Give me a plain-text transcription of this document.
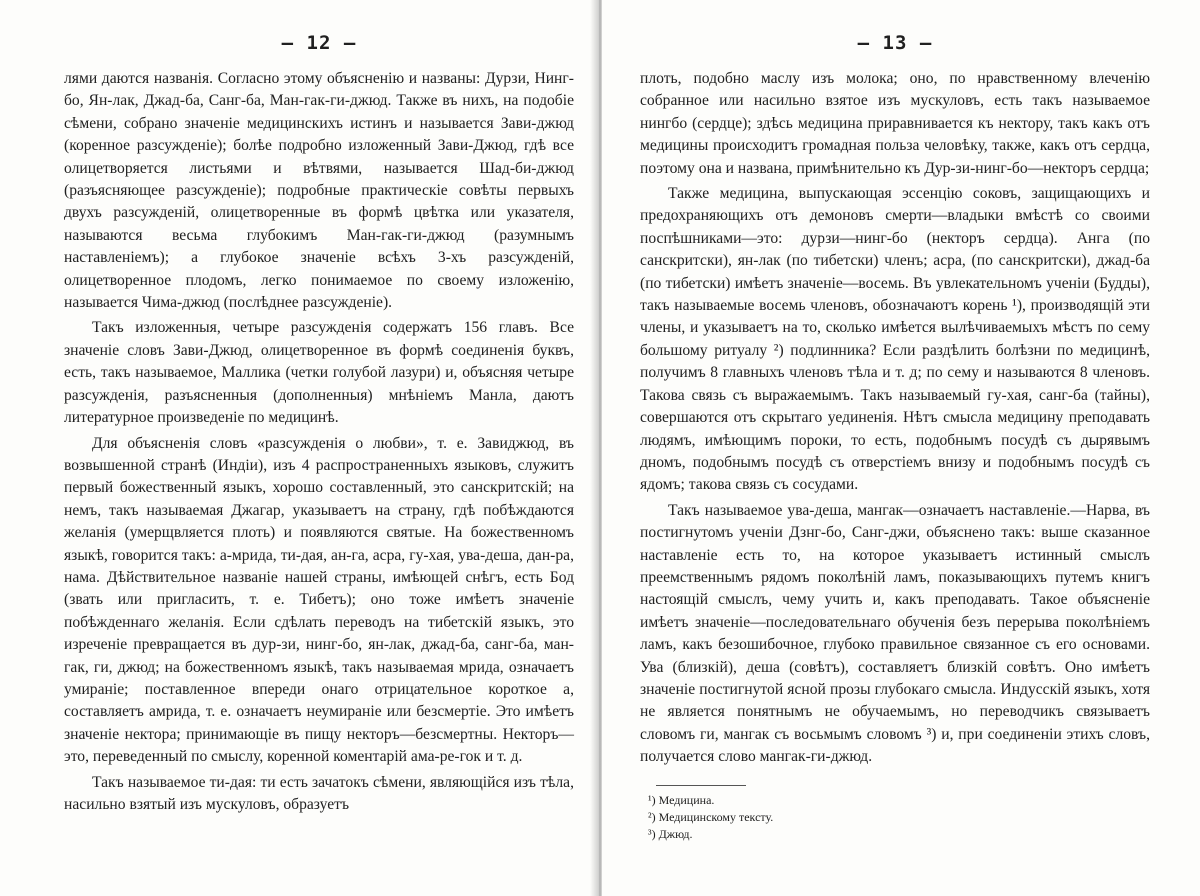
— 12 —

лями даются названія. Согласно этому объясненію и названы: Дурзи, Нинг-бо, Ян-лак, Джад-ба, Санг-ба, Ман-гак-ги-джюд. Также въ нихъ, на подобіе сѣмени, собрано значеніе медицинскихъ истинъ и называется Зави-джюд (коренное разсужденіе); болѣе подробно изложенный Зави-Джюд, гдѣ все олицетворяется листьями и вѣтвями, называется Шад-би-джюд (разъясняющее разсужденіе); подробные практическіе совѣты первыхъ двухъ разсужденій, олицетворенные въ формѣ цвѣтка или указателя, называются весьма глубокимъ Ман-гак-ги-джюд (разумнымъ наставленіемъ); а глубокое значеніе всѣхъ 3-хъ разсужденій, олицетворенное плодомъ, легко понимаемое по своему изложенію, называется Чима-джюд (послѣднее разсужденіе).

Такъ изложенныя, четыре разсужденія содержатъ 156 главъ. Все значеніе словъ Зави-Джюд, олицетворенное въ формѣ соединенія буквъ, есть, такъ называемое, Маллика (четки голубой лазури) и, объясняя четыре разсужденія, разъясненныя (дополненныя) мнѣніемъ Манла, даютъ литературное произведеніе по медицинѣ.

Для объясненія словъ «разсужденія о любви», т. е. Завиджюд, въ возвышенной странѣ (Индіи), изъ 4 распространенныхъ языковъ, служитъ первый божественный языкъ, хорошо составленный, это санскритскій; на немъ, такъ называемая Джагар, указываетъ на страну, гдѣ побѣждаются желанія (умерщвляется плоть) и появляются святые. На божественномъ языкѣ, говорится такъ: а-мрида, ти-дая, ан-га, асра, гу-хая, ува-деша, дан-ра, нама. Дѣйствительное названіе нашей страны, имѣющей снѣгъ, есть Бод (звать или пригласить, т. е. Тибетъ); оно тоже имѣетъ значеніе побѣжденнаго желанія. Если сдѣлать переводъ на тибетскій языкъ, это изреченіе превращается въ дур-зи, нинг-бо, ян-лак, джад-ба, санг-ба, ман-гак, ги, джюд; на божественномъ языкѣ, такъ называемая мрида, означаетъ умираніе; поставленное впереди онаго отрицательное короткое а, составляетъ амрида, т. е. означаетъ неумираніе или безсмертіе. Это имѣетъ значеніе нектора; принимающіе въ пищу некторъ—безсмертны. Некторъ—это, переведенный по смыслу, коренной коментарій ама-ре-гок и т. д.

Такъ называемое ти-дая: ти есть зачатокъ сѣмени, являющійся изъ тѣла, насильно взятый изъ мускуловъ, образуетъ

— 13 —

плоть, подобно маслу изъ молока; оно, по нравственному влеченію собранное или насильно взятое изъ мускуловъ, есть такъ называемое нингбо (сердце); здѣсь медицина приравнивается къ нектору, такъ какъ отъ медицины происходитъ громадная польза человѣку, также, какъ отъ сердца, поэтому она и названа, примѣнительно къ Дур-зи-нинг-бо—некторъ сердца;

Также медицина, выпускающая эссенцію соковъ, защищающихъ и предохраняющихъ отъ демоновъ смерти—владыки вмѣстѣ со своими поспѣшниками—это: дурзи—нинг-бо (некторъ сердца). Анга (по санскритски), ян-лак (по тибетски) членъ; асра, (по санскритски), джад-ба (по тибетски) имѣетъ значеніе—восемь. Въ увлекательномъ ученіи (Будды), такъ называемые восемь членовъ, обозначаютъ корень ¹), производящій эти члены, и указываетъ на то, сколько имѣется вылѣчиваемыхъ мѣстъ по сему большому ритуалу ²) подлинника? Если раздѣлить болѣзни по медицинѣ, получимъ 8 главныхъ членовъ тѣла и т. д; по сему и называются 8 членовъ. Такова связь съ выражаемымъ. Такъ называемый гу-хая, санг-ба (тайны), совершаются отъ скрытаго уединенія. Нѣтъ смысла медицину преподавать людямъ, имѣющимъ пороки, то есть, подобнымъ посудѣ съ дырявымъ дномъ, подобнымъ посудѣ съ отверстіемъ внизу и подобнымъ посудѣ съ ядомъ; такова связь съ сосудами.

Такъ называемое ува-деша, мангак—означаетъ наставленіе.—Нарва, въ постигнутомъ ученіи Дзнг-бо, Санг-джи, объяснено такъ: выше сказанное наставленіе есть то, на которое указываетъ истинный смыслъ преемственнымъ рядомъ поколѣній ламъ, показывающихъ путемъ книгъ настоящій смыслъ, чему учить и, какъ преподавать. Такое объясненіе имѣетъ значеніе—последовательнаго обученія безъ перерыва поколѣніемъ ламъ, какъ безошибочное, глубоко правильное связанное съ его основами. Ува (близкій), деша (совѣтъ), составляетъ близкій совѣтъ. Оно имѣетъ значеніе постигнутой ясной прозы глубокаго смысла. Индусскій языкъ, хотя не является понятнымъ не обучаемымъ, но переводчикъ связываетъ словомъ ги, мангак съ восьмымъ словомъ ³) и, при соединеніи этихъ словъ, получается слово мангак-ги-джюд.

¹) Медицина.

²) Медицинскому тексту.

³) Джюд.
